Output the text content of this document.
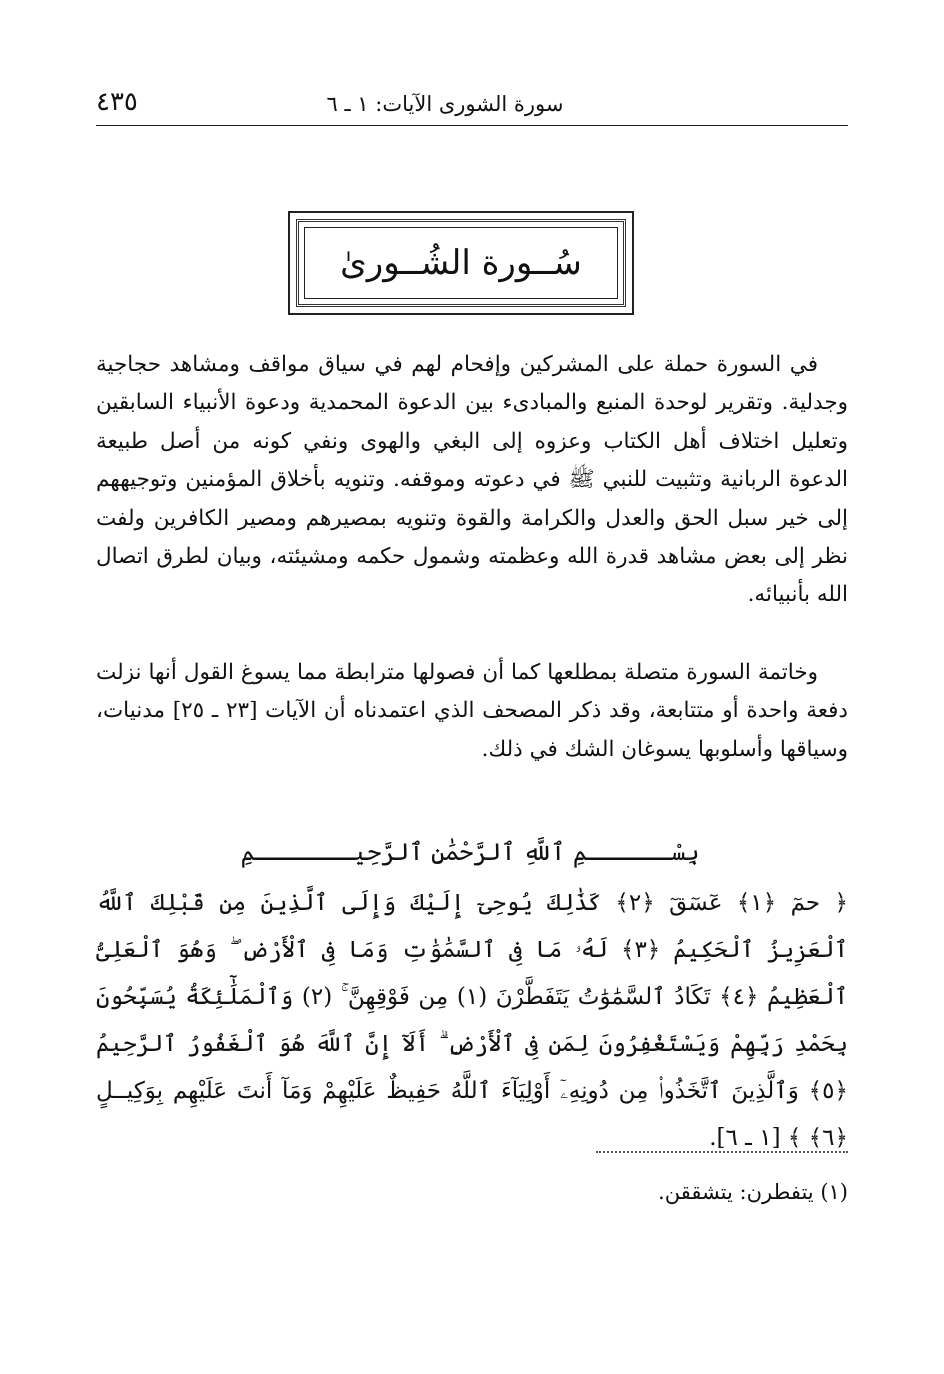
سورة الشورى الآيات: ١ ـ ٦
٤٣٥
سُــورة الشُــورىٰ
في السورة حملة على المشركين وإفحام لهم في سياق مواقف ومشاهد حجاجية وجدلية. وتقرير لوحدة المنبع والمبادىء بين الدعوة المحمدية ودعوة الأنبياء السابقين وتعليل اختلاف أهل الكتاب وعزوه إلى البغي والهوى ونفي كونه من أصل طبيعة الدعوة الربانية وتثبيت للنبي ﷺ في دعوته وموقفه. وتنويه بأخلاق المؤمنين وتوجيههم إلى خير سبل الحق والعدل والكرامة والقوة وتنويه بمصيرهم ومصير الكافرين ولفت نظر إلى بعض مشاهد قدرة الله وعظمته وشمول حكمه ومشيئته، وبيان لطرق اتصال الله بأنبيائه.
وخاتمة السورة متصلة بمطلعها كما أن فصولها مترابطة مما يسوغ القول أنها نزلت دفعة واحدة أو متتابعة، وقد ذكر المصحف الذي اعتمدناه أن الآيات [٢٣ ـ ٢٥] مدنيات، وسياقها وأسلوبها يسوغان الشك في ذلك.
بِسْــــــمِ ٱللَّهِ ٱلرَّحْمَٰنِ ٱلرَّحِيـــــــمِ
﴿ حمٓ ﴿١﴾ عٓسٓقٓ ﴿٢﴾ كَذَٰلِكَ يُوحِىٓ إِلَيْكَ وَإِلَى ٱلَّذِينَ مِن قَبْلِكَ ٱللَّهُ ٱلْعَزِيزُ ٱلْحَكِيمُ ﴿٣﴾ لَهُۥ مَا فِى ٱلسَّمَٰوَٰتِ وَمَا فِى ٱلْأَرْضِ ۖ وَهُوَ ٱلْعَلِىُّ ٱلْعَظِيمُ ﴿٤﴾ تَكَادُ ٱلسَّمَٰوَٰتُ يَتَفَطَّرْنَ (١) مِن فَوْقِهِنَّ ۚ (٢) وَٱلْمَلَٰٓئِكَةُ يُسَبِّحُونَ بِحَمْدِ رَبِّهِمْ وَيَسْتَغْفِرُونَ لِمَن فِى ٱلْأَرْضِ ۗ أَلَآ إِنَّ ٱللَّهَ هُوَ ٱلْغَفُورُ ٱلرَّحِيمُ ﴿٥﴾ وَٱلَّذِينَ ٱتَّخَذُوا۟ مِن دُونِهِۦٓ أَوْلِيَآءَ ٱللَّهُ حَفِيظٌ عَلَيْهِمْ وَمَآ أَنتَ عَلَيْهِم بِوَكِيــلٍ ﴿٦﴾ ﴾ [١ ـ ٦].
(١) يتفطرن: يتشققن.
